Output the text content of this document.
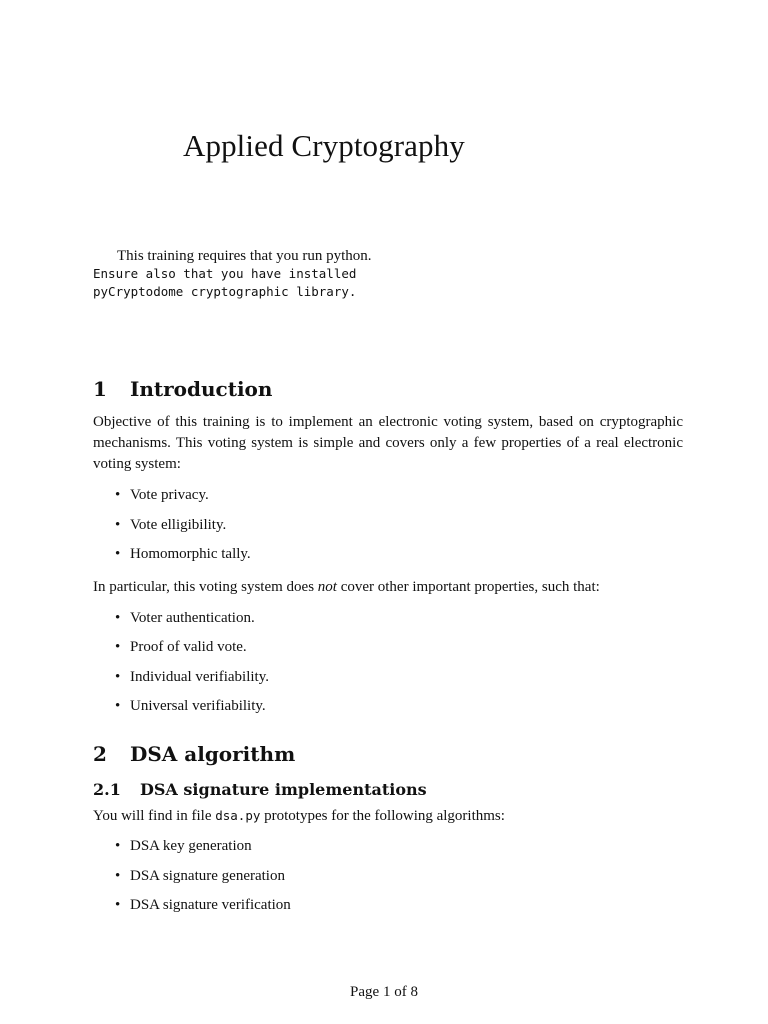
Applied Cryptography
This training requires that you run python.
Ensure also that you have installed
pyCryptodome cryptographic library.
1 Introduction

Objective of this training is to implement an electronic voting system, based on cryptographic mechanisms. This voting system is simple and covers only a few properties of a real electronic voting system:

• Vote privacy.
• Vote elligibility.
• Homomorphic tally.

In particular, this voting system does not cover other important properties, such that:

• Voter authentication.
• Proof of valid vote.
• Individual verifiability.
• Universal verifiability.
2 DSA algorithm
2.1 DSA signature implementations

You will find in file dsa.py prototypes for the following algorithms:

• DSA key generation
• DSA signature generation
• DSA signature verification
Page 1 of 8
